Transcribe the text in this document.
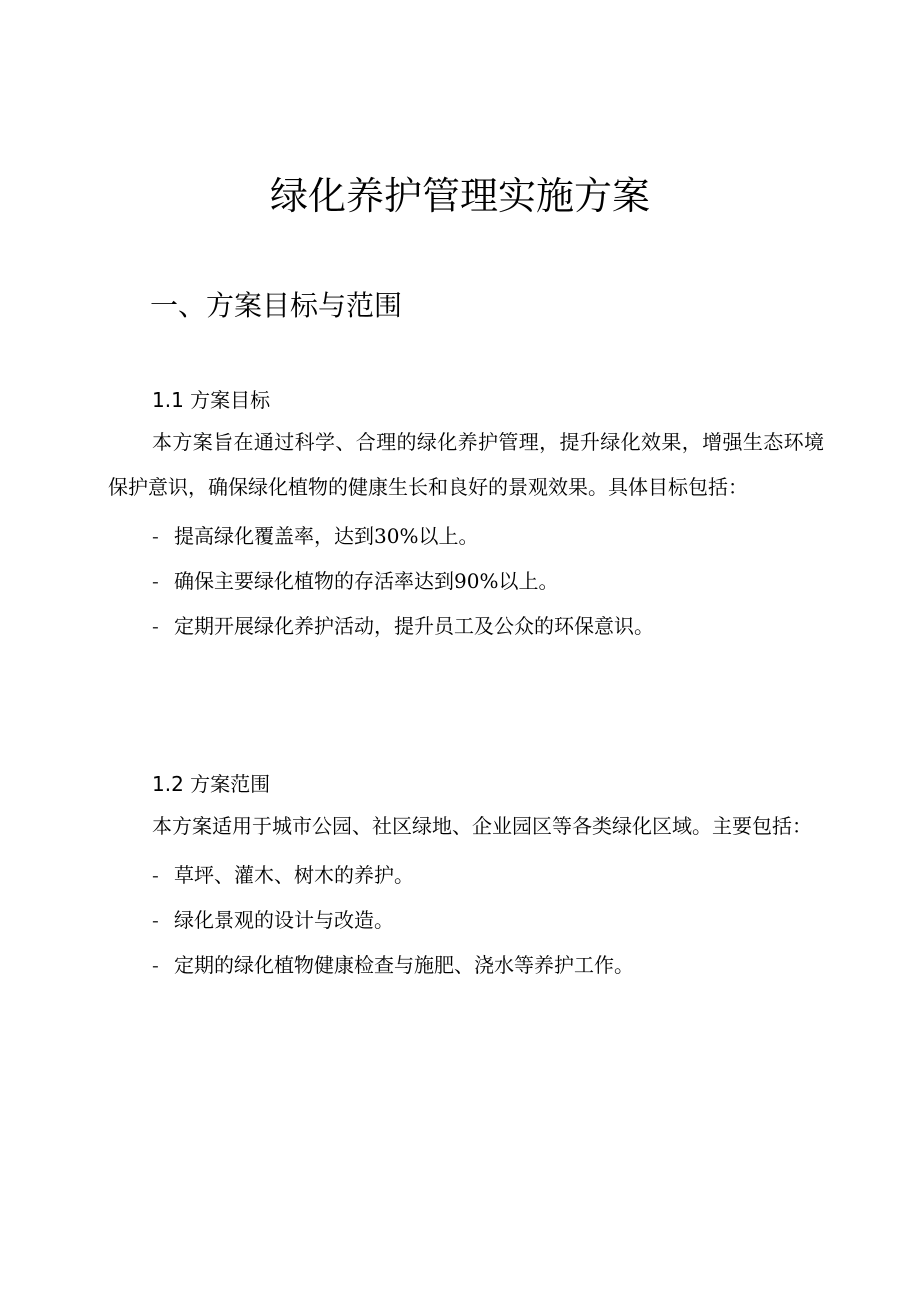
绿化养护管理实施方案
一、方案目标与范围
1.1 方案目标

本方案旨在通过科学、合理的绿化养护管理，提升绿化效果，增强生态环境保护意识，确保绿化植物的健康生长和良好的景观效果。具体目标包括：

- 提高绿化覆盖率，达到30%以上。
- 确保主要绿化植物的存活率达到90%以上。
- 定期开展绿化养护活动，提升员工及公众的环保意识。
1.2 方案范围

本方案适用于城市公园、社区绿地、企业园区等各类绿化区域。主要包括：

- 草坪、灌木、树木的养护。
- 绿化景观的设计与改造。
- 定期的绿化植物健康检查与施肥、浇水等养护工作。
